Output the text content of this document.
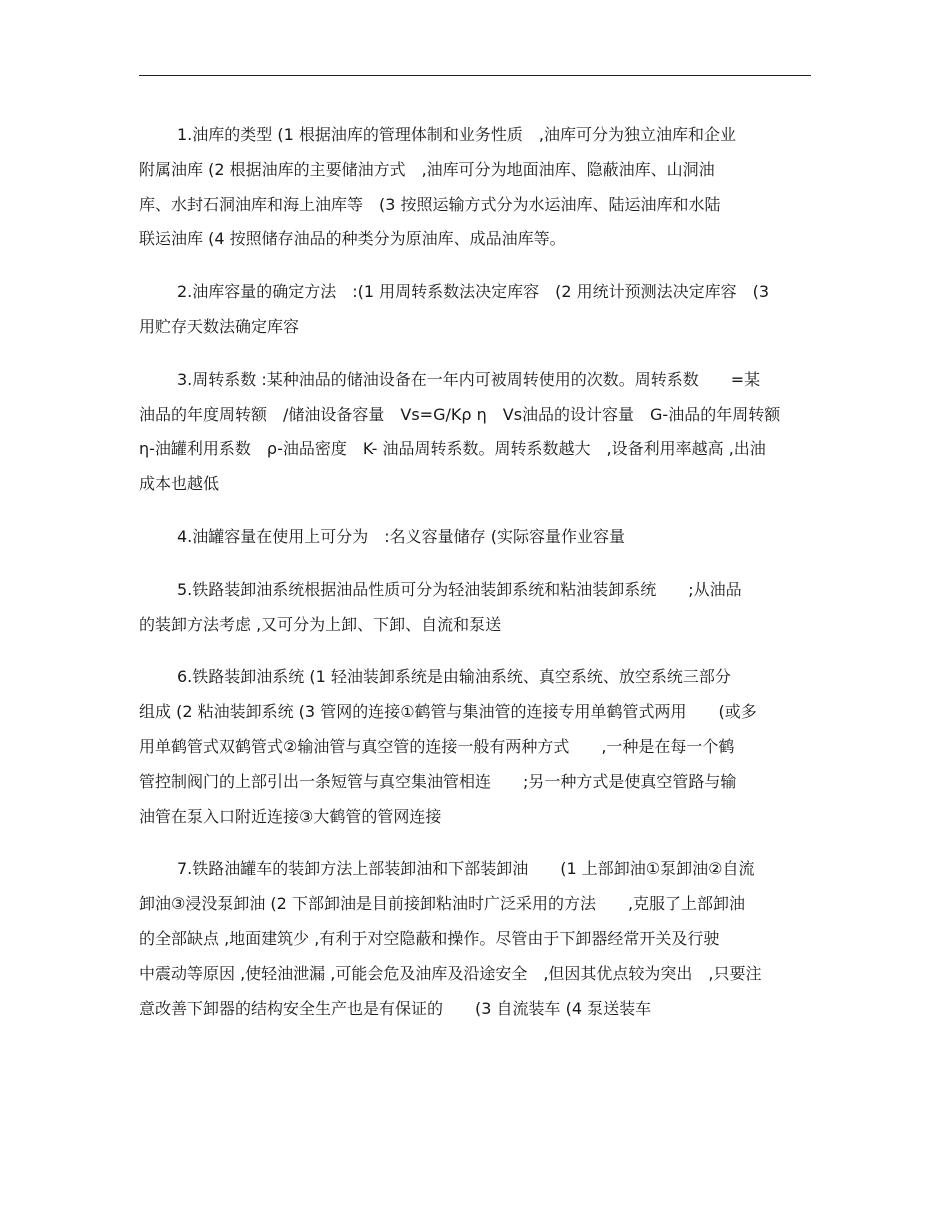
1.油库的类型 (1 根据油库的管理体制和业务性质　,油库可分为独立油库和企业
附属油库 (2 根据油库的主要储油方式　,油库可分为地面油库、隐蔽油库、山洞油
库、水封石洞油库和海上油库等　(3 按照运输方式分为水运油库、陆运油库和水陆
联运油库 (4 按照储存油品的种类分为原油库、成品油库等。

2.油库容量的确定方法　:(1 用周转系数法决定库容　(2 用统计预测法决定库容　(3
用贮存天数法确定库容

3.周转系数 :某种油品的储油设备在一年内可被周转使用的次数。周转系数　　=某
油品的年度周转额　/储油设备容量　Vs=G/Kρ η　Vs油品的设计容量　G-油品的年周转额
η-油罐利用系数　ρ-油品密度　K- 油品周转系数。周转系数越大　,设备利用率越高 ,出油
成本也越低

4.油罐容量在使用上可分为　:名义容量储存 (实际容量作业容量

5.铁路装卸油系统根据油品性质可分为轻油装卸系统和粘油装卸系统　　;从油品
的装卸方法考虑 ,又可分为上卸、下卸、自流和泵送

6.铁路装卸油系统 (1 轻油装卸系统是由输油系统、真空系统、放空系统三部分
组成 (2 粘油装卸系统 (3 管网的连接①鹤管与集油管的连接专用单鹤管式两用　　(或多
用单鹤管式双鹤管式②输油管与真空管的连接一般有两种方式　　,一种是在每一个鹤
管控制阀门的上部引出一条短管与真空集油管相连　　;另一种方式是使真空管路与输
油管在泵入口附近连接③大鹤管的管网连接

7.铁路油罐车的装卸方法上部装卸油和下部装卸油　　(1 上部卸油①泵卸油②自流
卸油③浸没泵卸油 (2 下部卸油是目前接卸粘油时广泛采用的方法　　,克服了上部卸油
的全部缺点 ,地面建筑少 ,有利于对空隐蔽和操作。尽管由于下卸器经常开关及行驶
中震动等原因 ,使轻油泄漏 ,可能会危及油库及沿途安全　,但因其优点较为突出　,只要注
意改善下卸器的结构安全生产也是有保证的　　(3 自流装车 (4 泵送装车
